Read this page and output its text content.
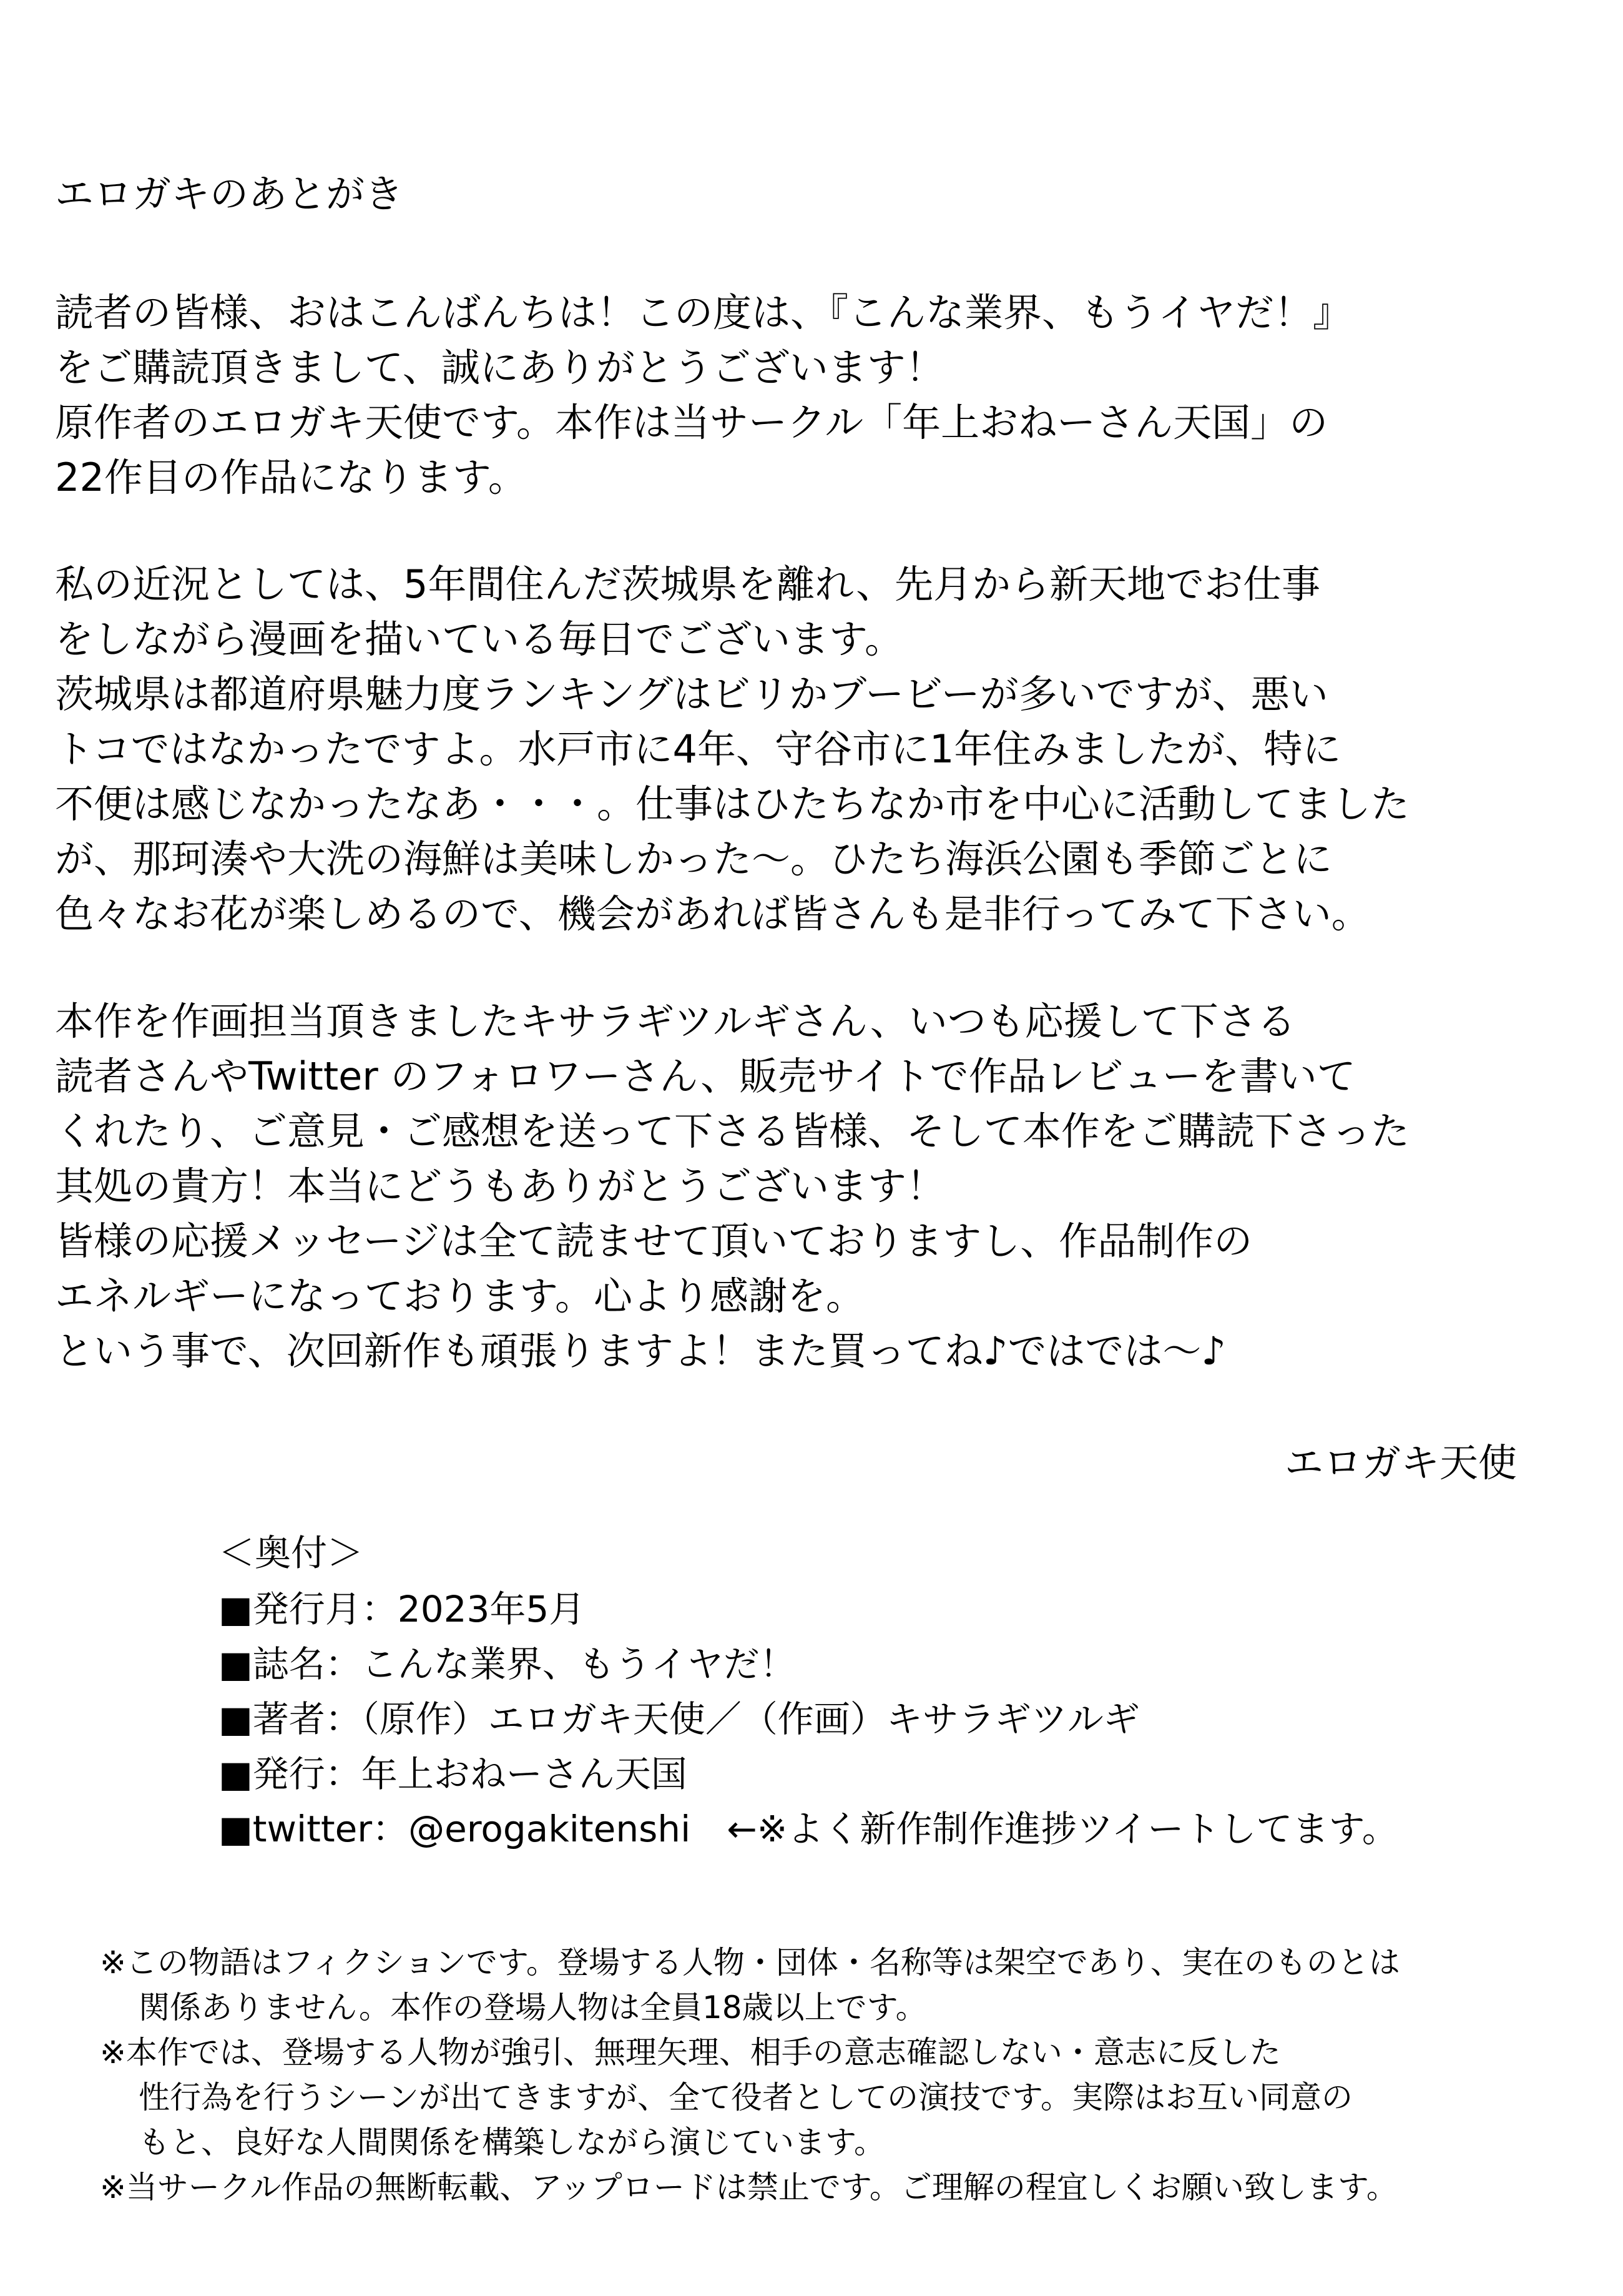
エロガキのあとがき
読者の皆様、おはこんばんちは！この度は、『こんな業界、もうイヤだ！』
をご購読頂きまして、誠にありがとうございます！
原作者のエロガキ天使です。本作は当サークル「年上おねーさん天国」の
22作目の作品になります。
私の近況としては、5年間住んだ茨城県を離れ、先月から新天地でお仕事
をしながら漫画を描いている毎日でございます。
茨城県は都道府県魅力度ランキングはビリかブービーが多いですが、悪い
トコではなかったですよ。水戸市に4年、守谷市に1年住みましたが、特に
不便は感じなかったなあ・・・。仕事はひたちなか市を中心に活動してました
が、那珂湊や大洗の海鮮は美味しかった～。ひたち海浜公園も季節ごとに
色々なお花が楽しめるので、機会があれば皆さんも是非行ってみて下さい。
本作を作画担当頂きましたキサラギツルギさん、いつも応援して下さる
読者さんやTwitter のフォロワーさん、販売サイトで作品レビューを書いて
くれたり、ご意見・ご感想を送って下さる皆様、そして本作をご購読下さった
其処の貴方！本当にどうもありがとうございます！
皆様の応援メッセージは全て読ませて頂いておりますし、作品制作の
エネルギーになっております。心より感謝を。
という事で、次回新作も頑張りますよ！また買ってね♪ではでは～♪
エロガキ天使
＜奥付＞
■発行月：2023年5月
■誌名：こんな業界、もうイヤだ！
■著者：（原作）エロガキ天使／（作画）キサラギツルギ
■発行：年上おねーさん天国
■twitter：@erogakitenshi　←※よく新作制作進捗ツイートしてます。
※この物語はフィクションです。登場する人物・団体・名称等は架空であり、実在のものとは
関係ありません。本作の登場人物は全員18歳以上です。
※本作では、登場する人物が強引、無理矢理、相手の意志確認しない・意志に反した
性行為を行うシーンが出てきますが、全て役者としての演技です。実際はお互い同意の
もと、良好な人間関係を構築しながら演じています。
※当サークル作品の無断転載、アップロードは禁止です。ご理解の程宜しくお願い致します。
